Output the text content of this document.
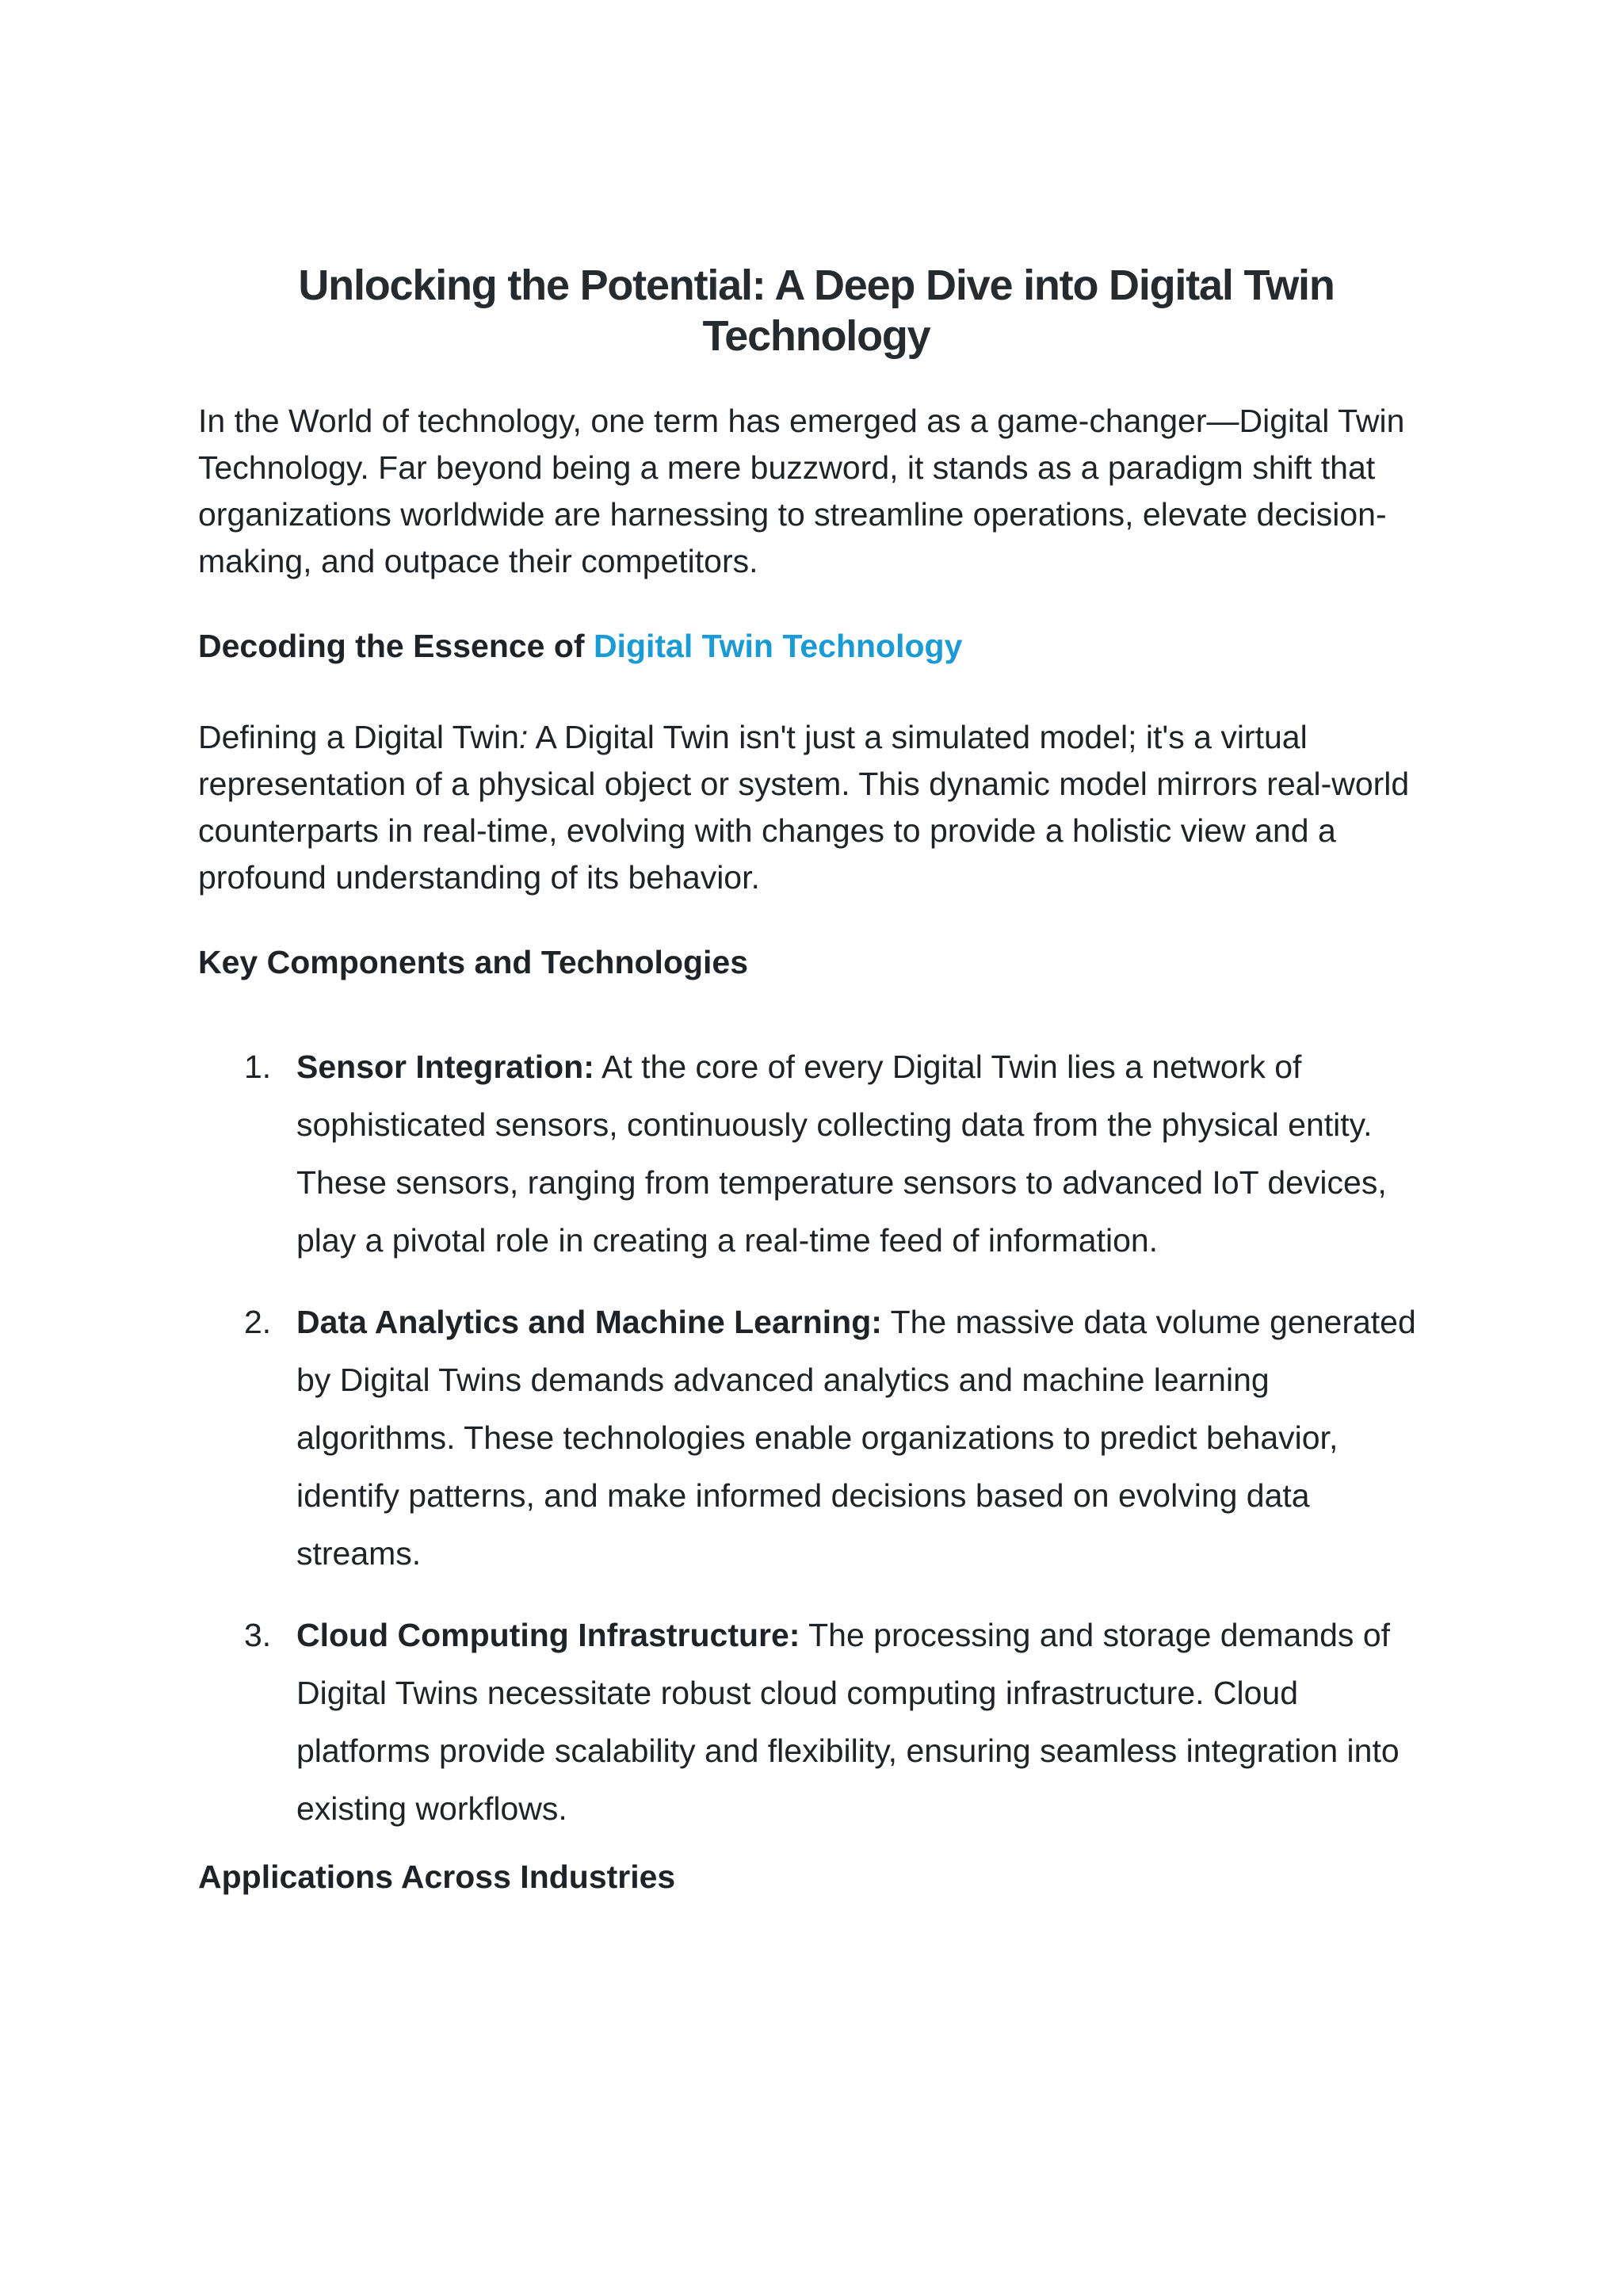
Unlocking the Potential: A Deep Dive into Digital Twin
Technology

In the World of technology, one term has emerged as a game-changer—Digital Twin Technology. Far beyond being a mere buzzword, it stands as a paradigm shift that organizations worldwide are harnessing to streamline operations, elevate decision-making, and outpace their competitors.

Decoding the Essence of Digital Twin Technology

Defining a Digital Twin: A Digital Twin isn't just a simulated model; it's a virtual representation of a physical object or system. This dynamic model mirrors real-world counterparts in real-time, evolving with changes to provide a holistic view and a profound understanding of its behavior.

Key Components and Technologies
1. Sensor Integration: At the core of every Digital Twin lies a network of sophisticated sensors, continuously collecting data from the physical entity. These sensors, ranging from temperature sensors to advanced IoT devices, play a pivotal role in creating a real-time feed of information.
2. Data Analytics and Machine Learning: The massive data volume generated by Digital Twins demands advanced analytics and machine learning algorithms. These technologies enable organizations to predict behavior, identify patterns, and make informed decisions based on evolving data streams.
3. Cloud Computing Infrastructure: The processing and storage demands of Digital Twins necessitate robust cloud computing infrastructure. Cloud platforms provide scalability and flexibility, ensuring seamless integration into existing workflows.
Applications Across Industries
